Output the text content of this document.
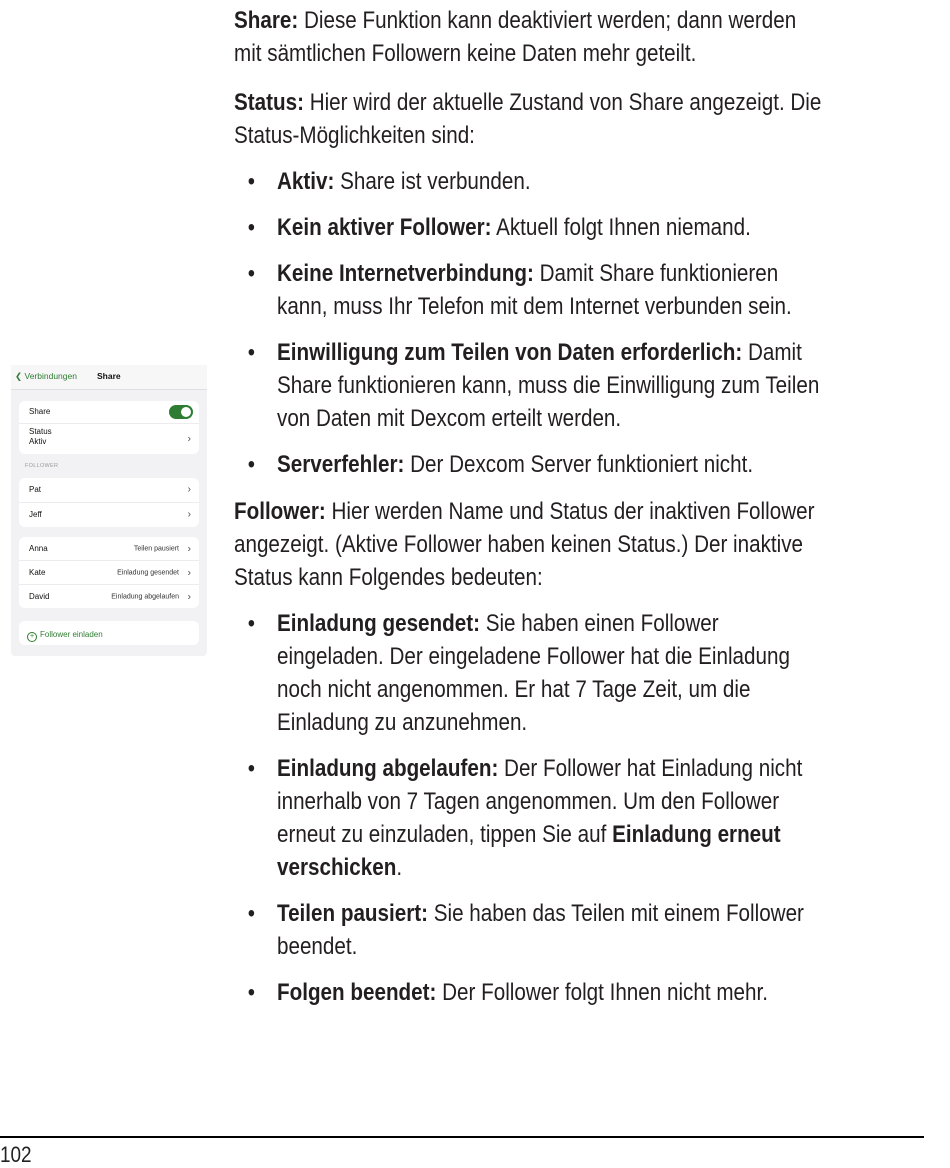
Share: Diese Funktion kann deaktiviert werden; dann werden mit sämtlichen Followern keine Daten mehr geteilt.

Status: Hier wird der aktuelle Zustand von Share angezeigt. Die Status-Möglichkeiten sind:

• Aktiv: Share ist verbunden.
• Kein aktiver Follower: Aktuell folgt Ihnen niemand.
• Keine Internetverbindung: Damit Share funktionieren kann, muss Ihr Telefon mit dem Internet verbunden sein.
• Einwilligung zum Teilen von Daten erforderlich: Damit Share funktionieren kann, muss die Einwilligung zum Teilen von Daten mit Dexcom erteilt werden.
• Serverfehler: Der Dexcom Server funktioniert nicht.

Follower: Hier werden Name und Status der inaktiven Follower angezeigt. (Aktive Follower haben keinen Status.) Der inaktive Status kann Folgendes bedeuten:

• Einladung gesendet: Sie haben einen Follower eingeladen. Der eingeladene Follower hat die Einladung noch nicht angenommen. Er hat 7 Tage Zeit, um die Einladung zu anzunehmen.
• Einladung abgelaufen: Der Follower hat Einladung nicht innerhalb von 7 Tagen angenommen. Um den Follower erneut zu einzuladen, tippen Sie auf Einladung erneut verschicken.
• Teilen pausiert: Sie haben das Teilen mit einem Follower beendet.
• Folgen beendet: Der Follower folgt Ihnen nicht mehr.
❮ Verbindungen Share
Share
Status
Aktiv	›
FOLLOWER
Pat	›
Jeff	›
Anna	Teilen pausiert ›
Kate	Einladung gesendet ›
David	Einladung abgelaufen ›
+ Follower einladen
102
